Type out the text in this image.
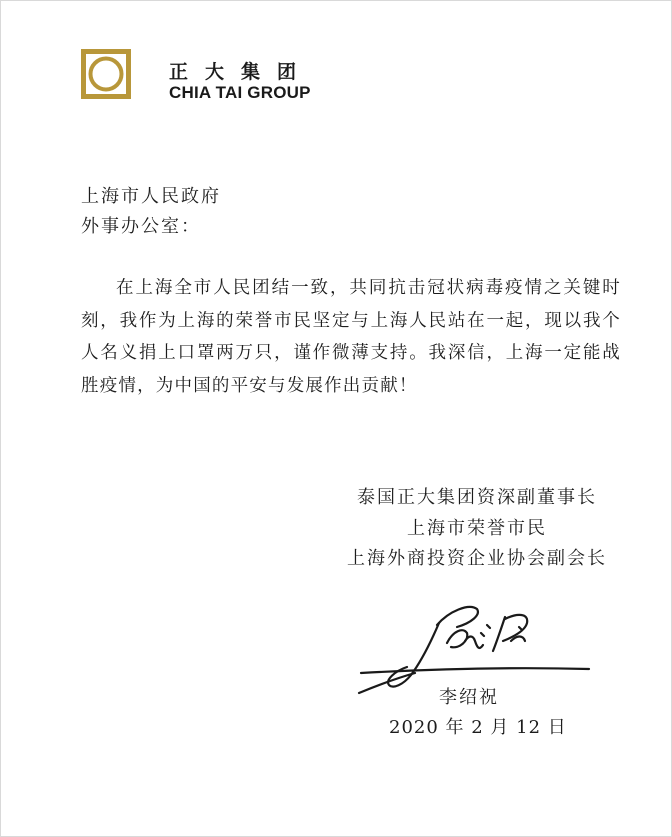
正大集团
CHIA TAI GROUP
上海市人民政府
外事办公室：

在上海全市人民团结一致，共同抗击冠状病毒疫情之关键时刻，我作为上海的荣誉市民坚定与上海人民站在一起，现以我个人名义捐上口罩两万只，谨作微薄支持。我深信，上海一定能战胜疫情，为中国的平安与发展作出贡献！

泰国正大集团资深副董事长
上海市荣誉市民
上海外商投资企业协会副会长
李绍祝
2020 年 2 月 12 日
